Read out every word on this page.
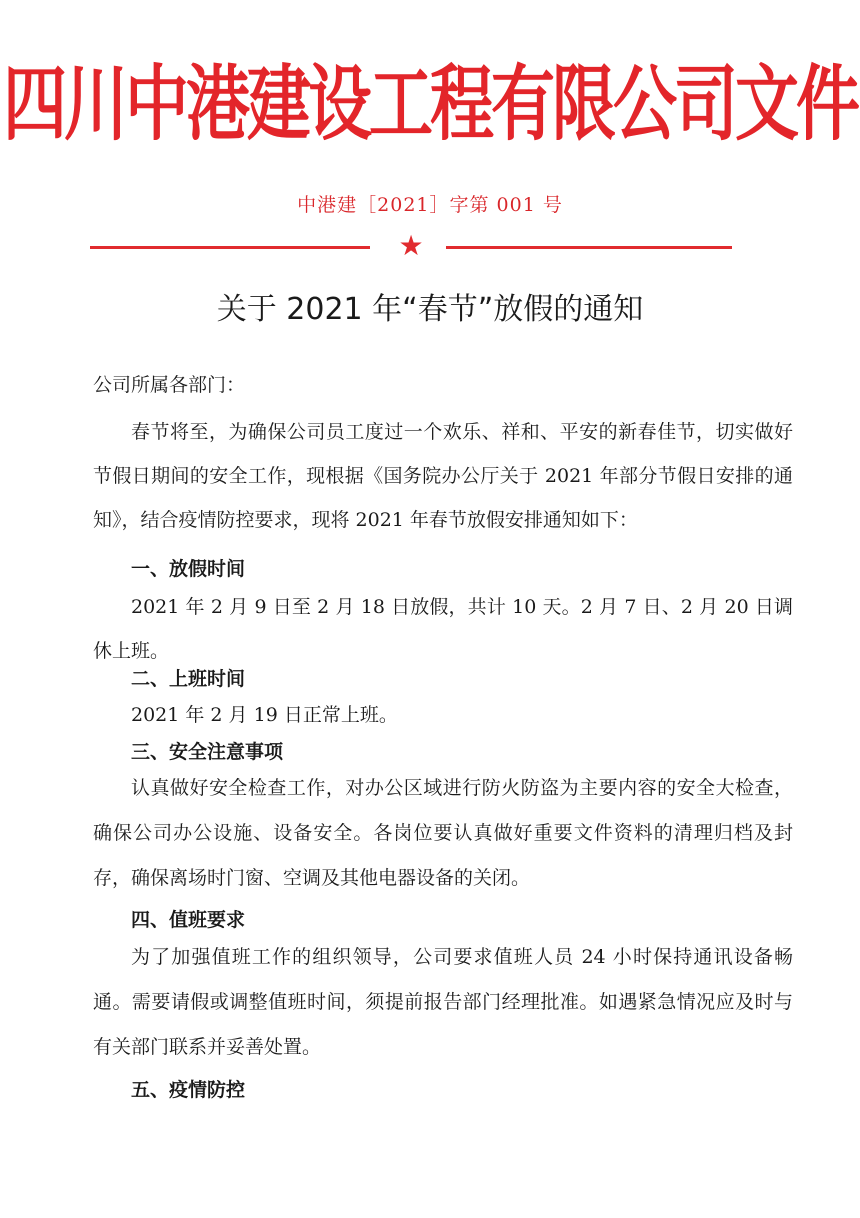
四川中港建设工程有限公司文件
中港建［2021］字第 001 号
★
关于 2021 年“春节”放假的通知
公司所属各部门：
春节将至，为确保公司员工度过一个欢乐、祥和、平安的新春佳节，切实做好节假日期间的安全工作，现根据《国务院办公厅关于 2021 年部分节假日安排的通知》，结合疫情防控要求，现将 2021 年春节放假安排通知如下：
一、放假时间
2021 年 2 月 9 日至 2 月 18 日放假，共计 10 天。2 月 7 日、2 月 20 日调休上班。
二、上班时间
2021 年 2 月 19 日正常上班。
三、安全注意事项
认真做好安全检查工作，对办公区域进行防火防盗为主要内容的安全大检查，确保公司办公设施、设备安全。各岗位要认真做好重要文件资料的清理归档及封存，确保离场时门窗、空调及其他电器设备的关闭。
四、值班要求
为了加强值班工作的组织领导，公司要求值班人员 24 小时保持通讯设备畅通。需要请假或调整值班时间，须提前报告部门经理批准。如遇紧急情况应及时与有关部门联系并妥善处置。
五、疫情防控
